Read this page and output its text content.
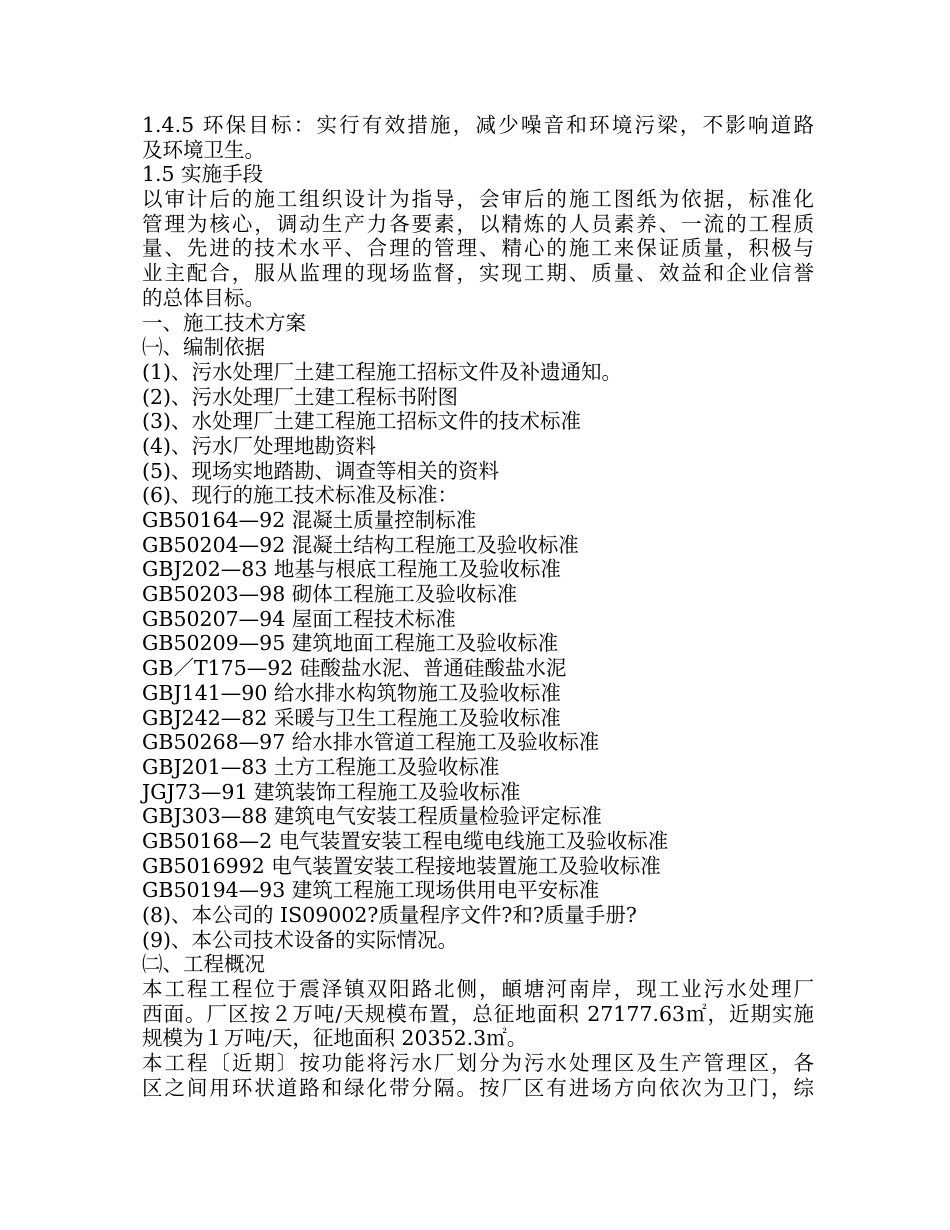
1.4.5 环保目标：实行有效措施，减少噪音和环境污梁，不影响道路
及环境卫生。
1.5 实施手段
以审计后的施工组织设计为指导，会审后的施工图纸为依据，标准化
管理为核心，调动生产力各要素，以精炼的人员素养、一流的工程质
量、先进的技术水平、合理的管理、精心的施工来保证质量，积极与
业主配合，服从监理的现场监督，实现工期、质量、效益和企业信誉
的总体目标。
一、施工技术方案
㈠、编制依据
(1)、污水处理厂土建工程施工招标文件及补遗通知。
(2)、污水处理厂土建工程标书附图
(3)、水处理厂土建工程施工招标文件的技术标准
(4)、污水厂处理地勘资料
(5)、现场实地踏勘、调查等相关的资料
(6)、现行的施工技术标准及标准：
GB50164—92 混凝土质量控制标准
GB50204—92 混凝土结构工程施工及验收标准
GBJ202—83 地基与根底工程施工及验收标准
GB50203—98 砌体工程施工及验收标准
GB50207—94 屋面工程技术标准
GB50209—95 建筑地面工程施工及验收标准
GB／T175—92 硅酸盐水泥、普通硅酸盐水泥
GBJ141—90 给水排水构筑物施工及验收标准
GBJ242—82 采暖与卫生工程施工及验收标准
GB50268—97 给水排水管道工程施工及验收标准
GBJ201—83 土方工程施工及验收标准
JGJ73—91 建筑装饰工程施工及验收标准
GBJ303—88 建筑电气安装工程质量检验评定标准
GB50168—2 电气装置安装工程电缆电线施工及验收标准
GB5016992 电气装置安装工程接地装置施工及验收标准
GB50194—93 建筑工程施工现场供用电平安标准
(8)、本公司的 IS09002?质量程序文件?和?质量手册?
(9)、本公司技术设备的实际情况。
㈡、工程概况
本工程工程位于震泽镇双阳路北侧，頔塘河南岸，现工业污水处理厂
西面。厂区按２万吨/天规模布置，总征地面积 27177.63㎡，近期实施
规模为１万吨/天，征地面积 20352.3㎡。
本工程〔近期〕按功能将污水厂划分为污水处理区及生产管理区，各
区之间用环状道路和绿化带分隔。按厂区有进场方向依次为卫门，综
